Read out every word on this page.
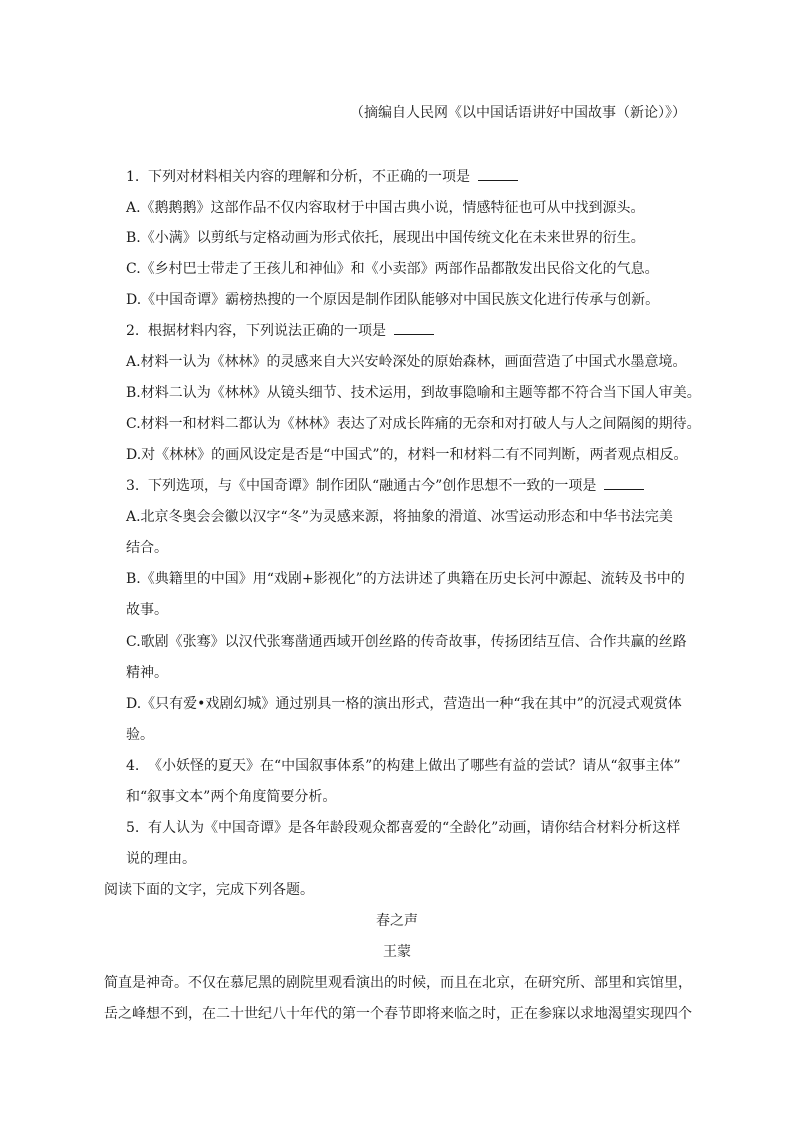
（摘编自人民网《以中国话语讲好中国故事（新论）》）
1. 下列对材料相关内容的理解和分析，不正确的一项是
A.《鹅鹅鹅》这部作品不仅内容取材于中国古典小说，情感特征也可从中找到源头。
B.《小满》以剪纸与定格动画为形式依托，展现出中国传统文化在未来世界的衍生。
C.《乡村巴士带走了王孩儿和神仙》和《小卖部》两部作品都散发出民俗文化的气息。
D.《中国奇谭》霸榜热搜的一个原因是制作团队能够对中国民族文化进行传承与创新。
2. 根据材料内容，下列说法正确的一项是
A.材料一认为《林林》的灵感来自大兴安岭深处的原始森林，画面营造了中国式水墨意境。
B.材料二认为《林林》从镜头细节、技术运用，到故事隐喻和主题等都不符合当下国人审美。
C.材料一和材料二都认为《林林》表达了对成长阵痛的无奈和对打破人与人之间隔阂的期待。
D.对《林林》的画风设定是否是“中国式”的，材料一和材料二有不同判断，两者观点相反。
3. 下列选项，与《中国奇谭》制作团队“融通古今”创作思想不一致的一项是
A.北京冬奥会会徽以汉字“冬”为灵感来源，将抽象的滑道、冰雪运动形态和中华书法完美
结合。
B.《典籍里的中国》用“戏剧+影视化”的方法讲述了典籍在历史长河中源起、流转及书中的
故事。
C.歌剧《张骞》以汉代张骞凿通西域开创丝路的传奇故事，传扬团结互信、合作共赢的丝路
精神。
D.《只有爱•戏剧幻城》通过别具一格的演出形式，营造出一种“我在其中”的沉浸式观赏体
验。
4. 《小妖怪的夏天》在“中国叙事体系”的构建上做出了哪些有益的尝试？请从“叙事主体”
和“叙事文本”两个角度简要分析。
5. 有人认为《中国奇谭》是各年龄段观众都喜爱的“全龄化”动画，请你结合材料分析这样
说的理由。
阅读下面的文字，完成下列各题。
春之声
王蒙
简直是神奇。不仅在慕尼黑的剧院里观看演出的时候，而且在北京，在研究所、部里和宾馆里，
岳之峰想不到，在二十世纪八十年代的第一个春节即将来临之时，正在参寐以求地渴望实现四个
